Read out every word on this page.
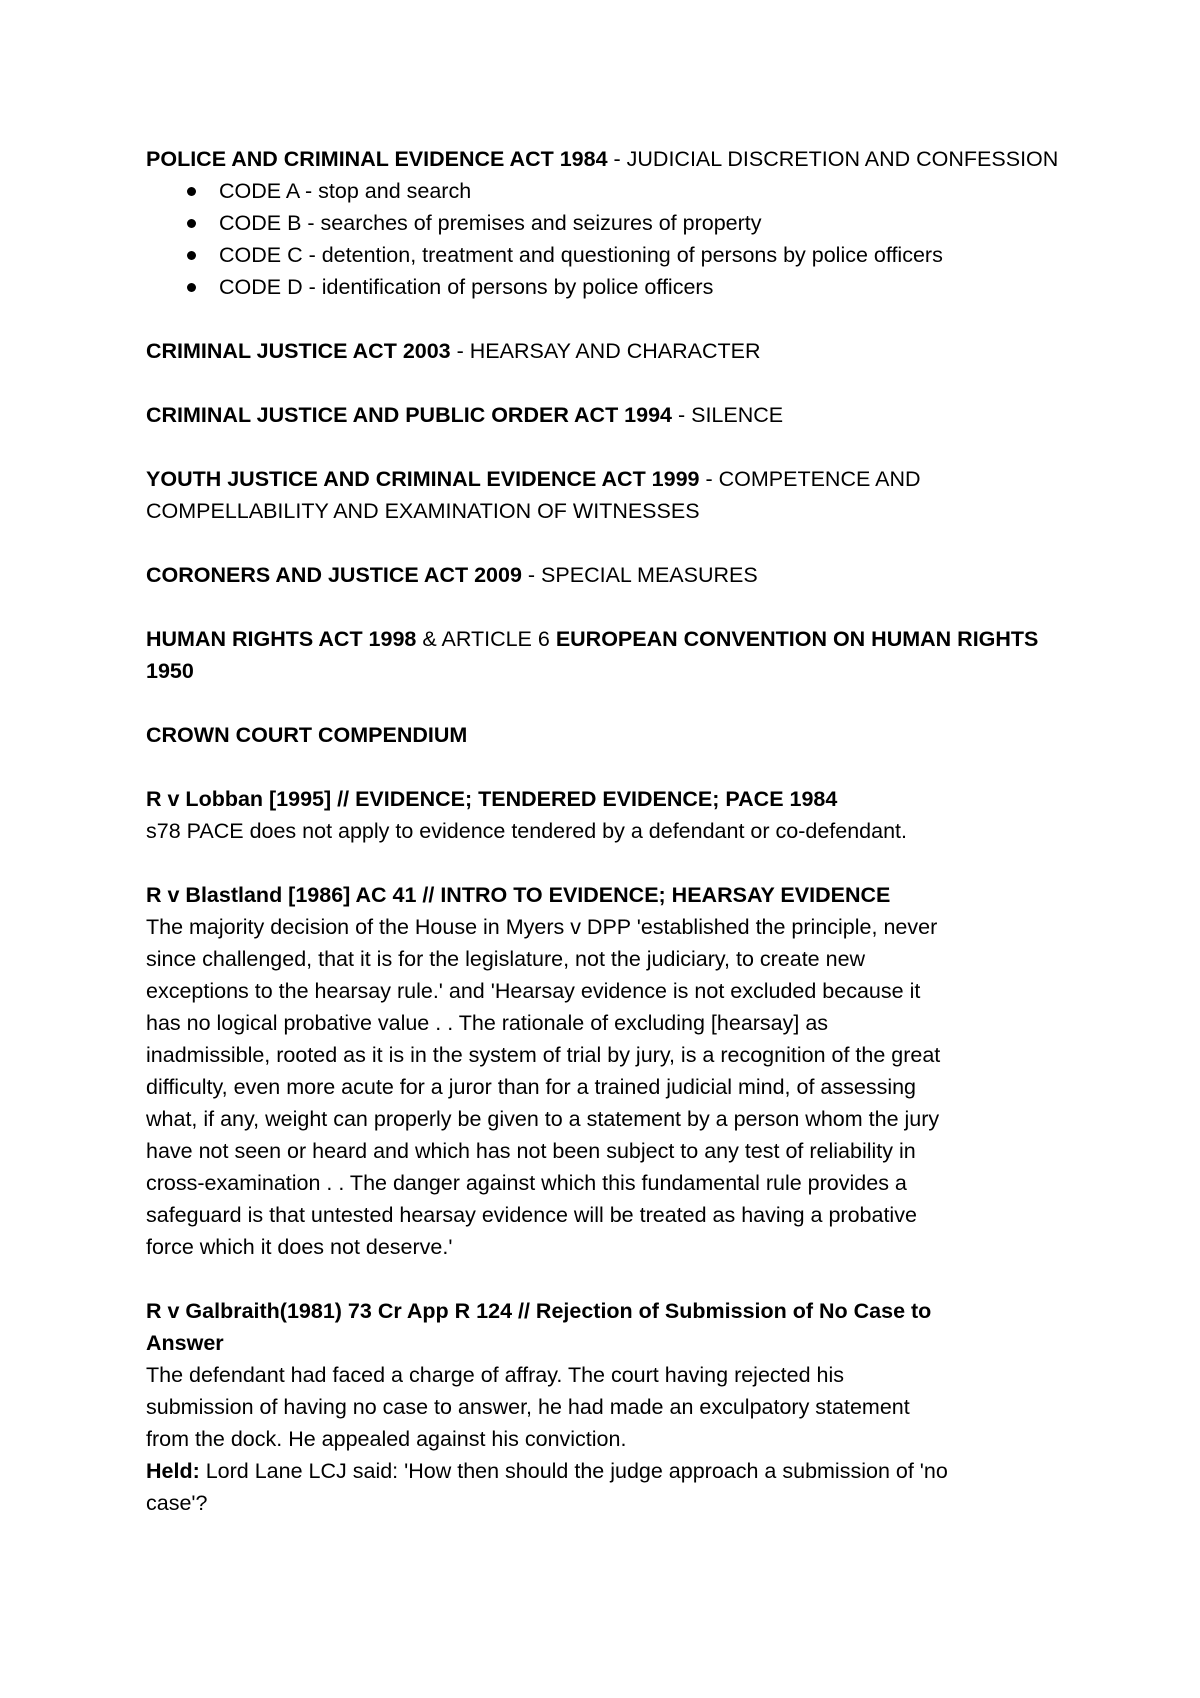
POLICE AND CRIMINAL EVIDENCE ACT 1984 - JUDICIAL DISCRETION AND CONFESSION

CODE A - stop and search
CODE B - searches of premises and seizures of property
CODE C - detention, treatment and questioning of persons by police officers
CODE D - identification of persons by police officers

CRIMINAL JUSTICE ACT 2003 - HEARSAY AND CHARACTER

CRIMINAL JUSTICE AND PUBLIC ORDER ACT 1994 - SILENCE

YOUTH JUSTICE AND CRIMINAL EVIDENCE ACT 1999 - COMPETENCE AND COMPELLABILITY AND EXAMINATION OF WITNESSES

CORONERS AND JUSTICE ACT 2009 - SPECIAL MEASURES

HUMAN RIGHTS ACT 1998 & ARTICLE 6 EUROPEAN CONVENTION ON HUMAN RIGHTS 1950

CROWN COURT COMPENDIUM

R v Lobban [1995] // EVIDENCE; TENDERED EVIDENCE; PACE 1984

s78 PACE does not apply to evidence tendered by a defendant or co-defendant.

R v Blastland [1986] AC 41 // INTRO TO EVIDENCE; HEARSAY EVIDENCE

The majority decision of the House in Myers v DPP 'established the principle, never

since challenged, that it is for the legislature, not the judiciary, to create new

exceptions to the hearsay rule.' and 'Hearsay evidence is not excluded because it

has no logical probative value . . The rationale of excluding [hearsay] as

inadmissible, rooted as it is in the system of trial by jury, is a recognition of the great

difficulty, even more acute for a juror than for a trained judicial mind, of assessing

what, if any, weight can properly be given to a statement by a person whom the jury

have not seen or heard and which has not been subject to any test of reliability in

cross-examination . . The danger against which this fundamental rule provides a

safeguard is that untested hearsay evidence will be treated as having a probative

force which it does not deserve.'

R v Galbraith(1981) 73 Cr App R 124 // Rejection of Submission of No Case to

Answer

The defendant had faced a charge of affray. The court having rejected his

submission of having no case to answer, he had made an exculpatory statement

from the dock. He appealed against his conviction.

Held: Lord Lane LCJ said: 'How then should the judge approach a submission of 'no

case'?
